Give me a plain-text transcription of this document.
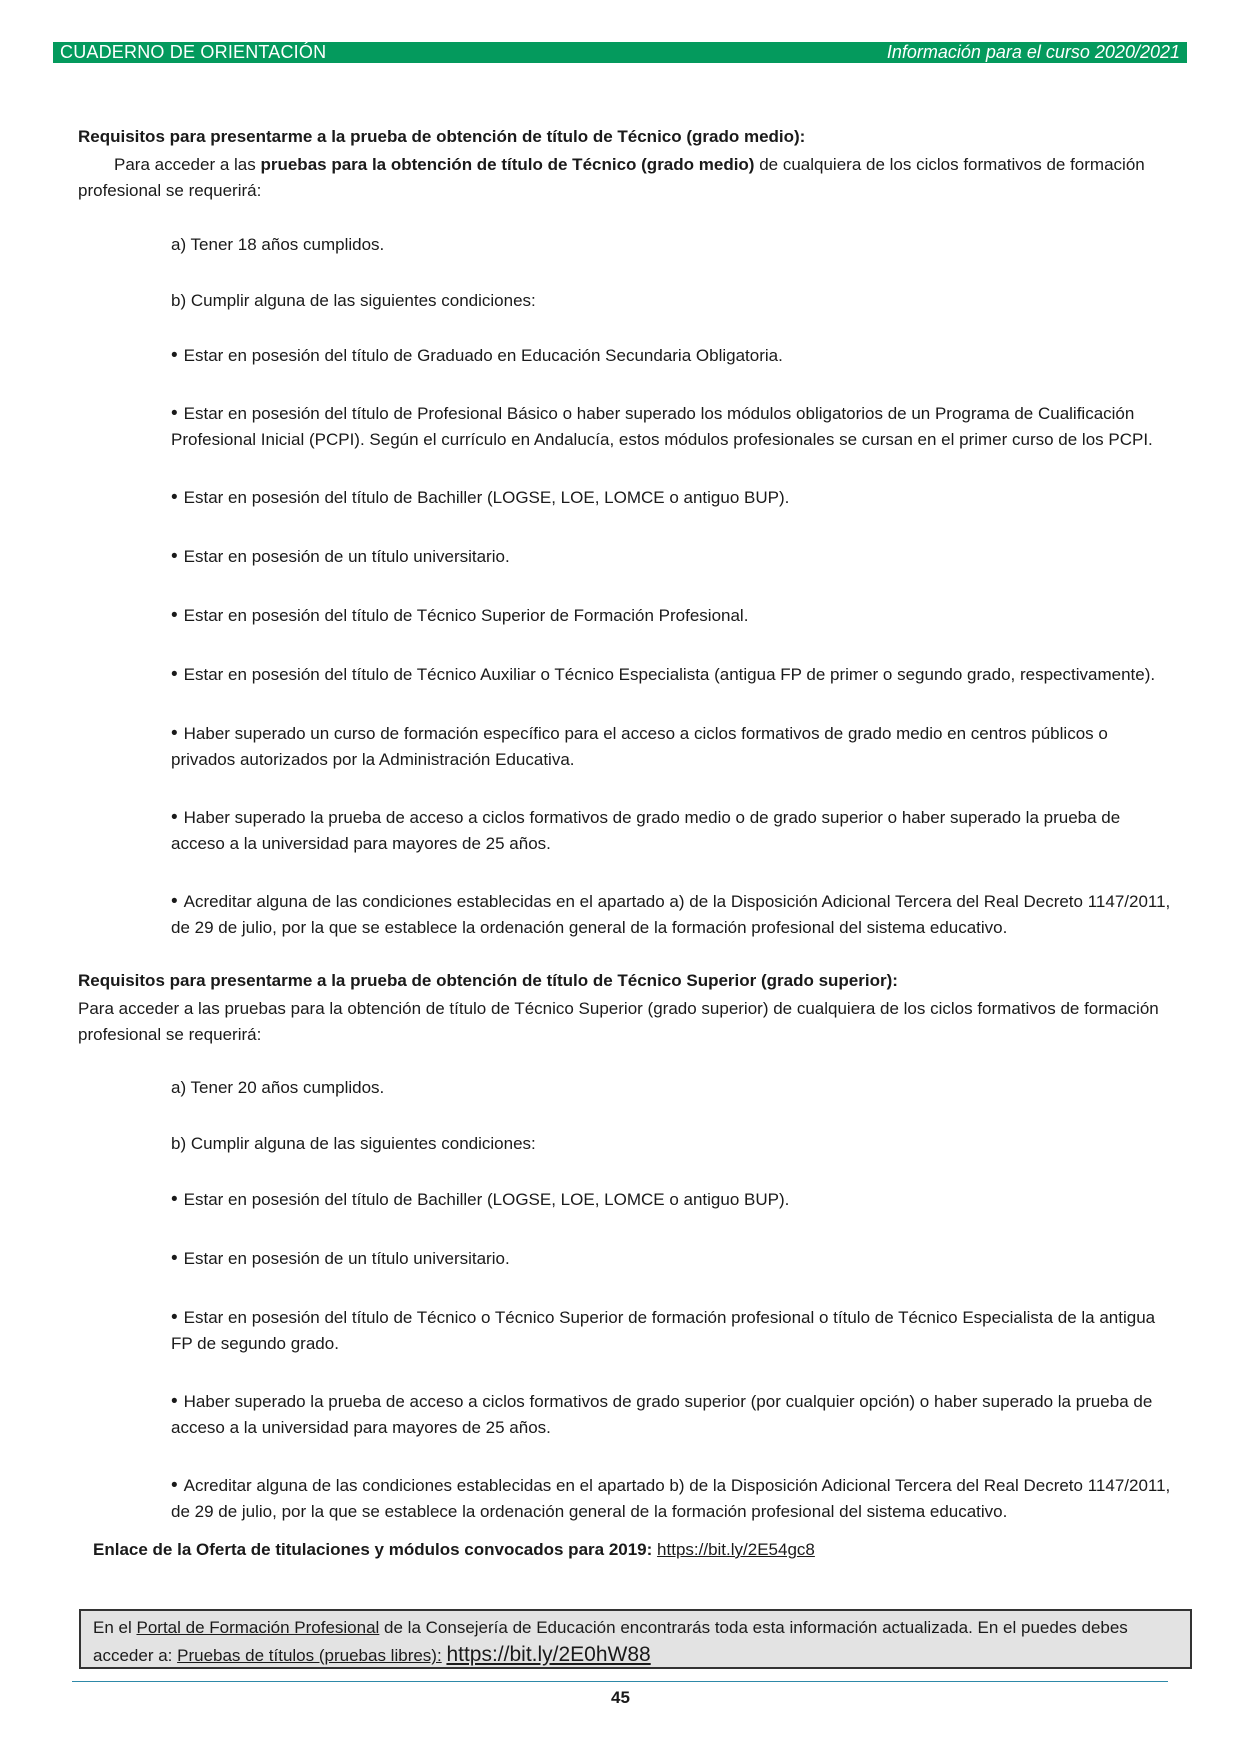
CUADERNO DE ORIENTACIÓN	Información para el curso 2020/2021
Requisitos para presentarme a la prueba de obtención de título de Técnico (grado medio):
Para acceder a las pruebas para la obtención de título de Técnico (grado medio) de cualquiera de los ciclos formativos de formación profesional se requerirá:
a) Tener 18 años cumplidos.
b) Cumplir alguna de las siguientes condiciones:
• Estar en posesión del título de Graduado en Educación Secundaria Obligatoria.
• Estar en posesión del título de Profesional Básico o haber superado los módulos obligatorios de un Programa de Cualificación Profesional Inicial (PCPI). Según el currículo en Andalucía, estos módulos profesionales se cursan en el primer curso de los PCPI.
• Estar en posesión del título de Bachiller (LOGSE, LOE, LOMCE o antiguo BUP).
• Estar en posesión de un título universitario.
• Estar en posesión del título de Técnico Superior de Formación Profesional.
• Estar en posesión del título de Técnico Auxiliar o Técnico Especialista (antigua FP de primer o segundo grado, respectivamente).
• Haber superado un curso de formación específico para el acceso a ciclos formativos de grado medio en centros públicos o privados autorizados por la Administración Educativa.
• Haber superado la prueba de acceso a ciclos formativos de grado medio o de grado superior o haber superado la prueba de acceso a la universidad para mayores de 25 años.
• Acreditar alguna de las condiciones establecidas en el apartado a) de la Disposición Adicional Tercera del Real Decreto 1147/2011, de 29 de julio, por la que se establece la ordenación general de la formación profesional del sistema educativo.
Requisitos para presentarme a la prueba de obtención de título de Técnico Superior (grado superior):
Para acceder a las pruebas para la obtención de título de Técnico Superior (grado superior) de cualquiera de los ciclos formativos de formación profesional se requerirá:
a) Tener 20 años cumplidos.
b) Cumplir alguna de las siguientes condiciones:
• Estar en posesión del título de Bachiller (LOGSE, LOE, LOMCE o antiguo BUP).
• Estar en posesión de un título universitario.
• Estar en posesión del título de Técnico o Técnico Superior de formación profesional o título de Técnico Especialista de la antigua FP de segundo grado.
• Haber superado la prueba de acceso a ciclos formativos de grado superior (por cualquier opción) o haber superado la prueba de acceso a la universidad para mayores de 25 años.
• Acreditar alguna de las condiciones establecidas en el apartado b) de la Disposición Adicional Tercera del Real Decreto 1147/2011, de 29 de julio, por la que se establece la ordenación general de la formación profesional del sistema educativo.
Enlace de la Oferta de titulaciones y módulos convocados para 2019: https://bit.ly/2E54gc8
En el Portal de Formación Profesional de la Consejería de Educación encontrarás toda esta información actualizada. En el puedes debes acceder a: Pruebas de títulos (pruebas libres): https://bit.ly/2E0hW88
45
